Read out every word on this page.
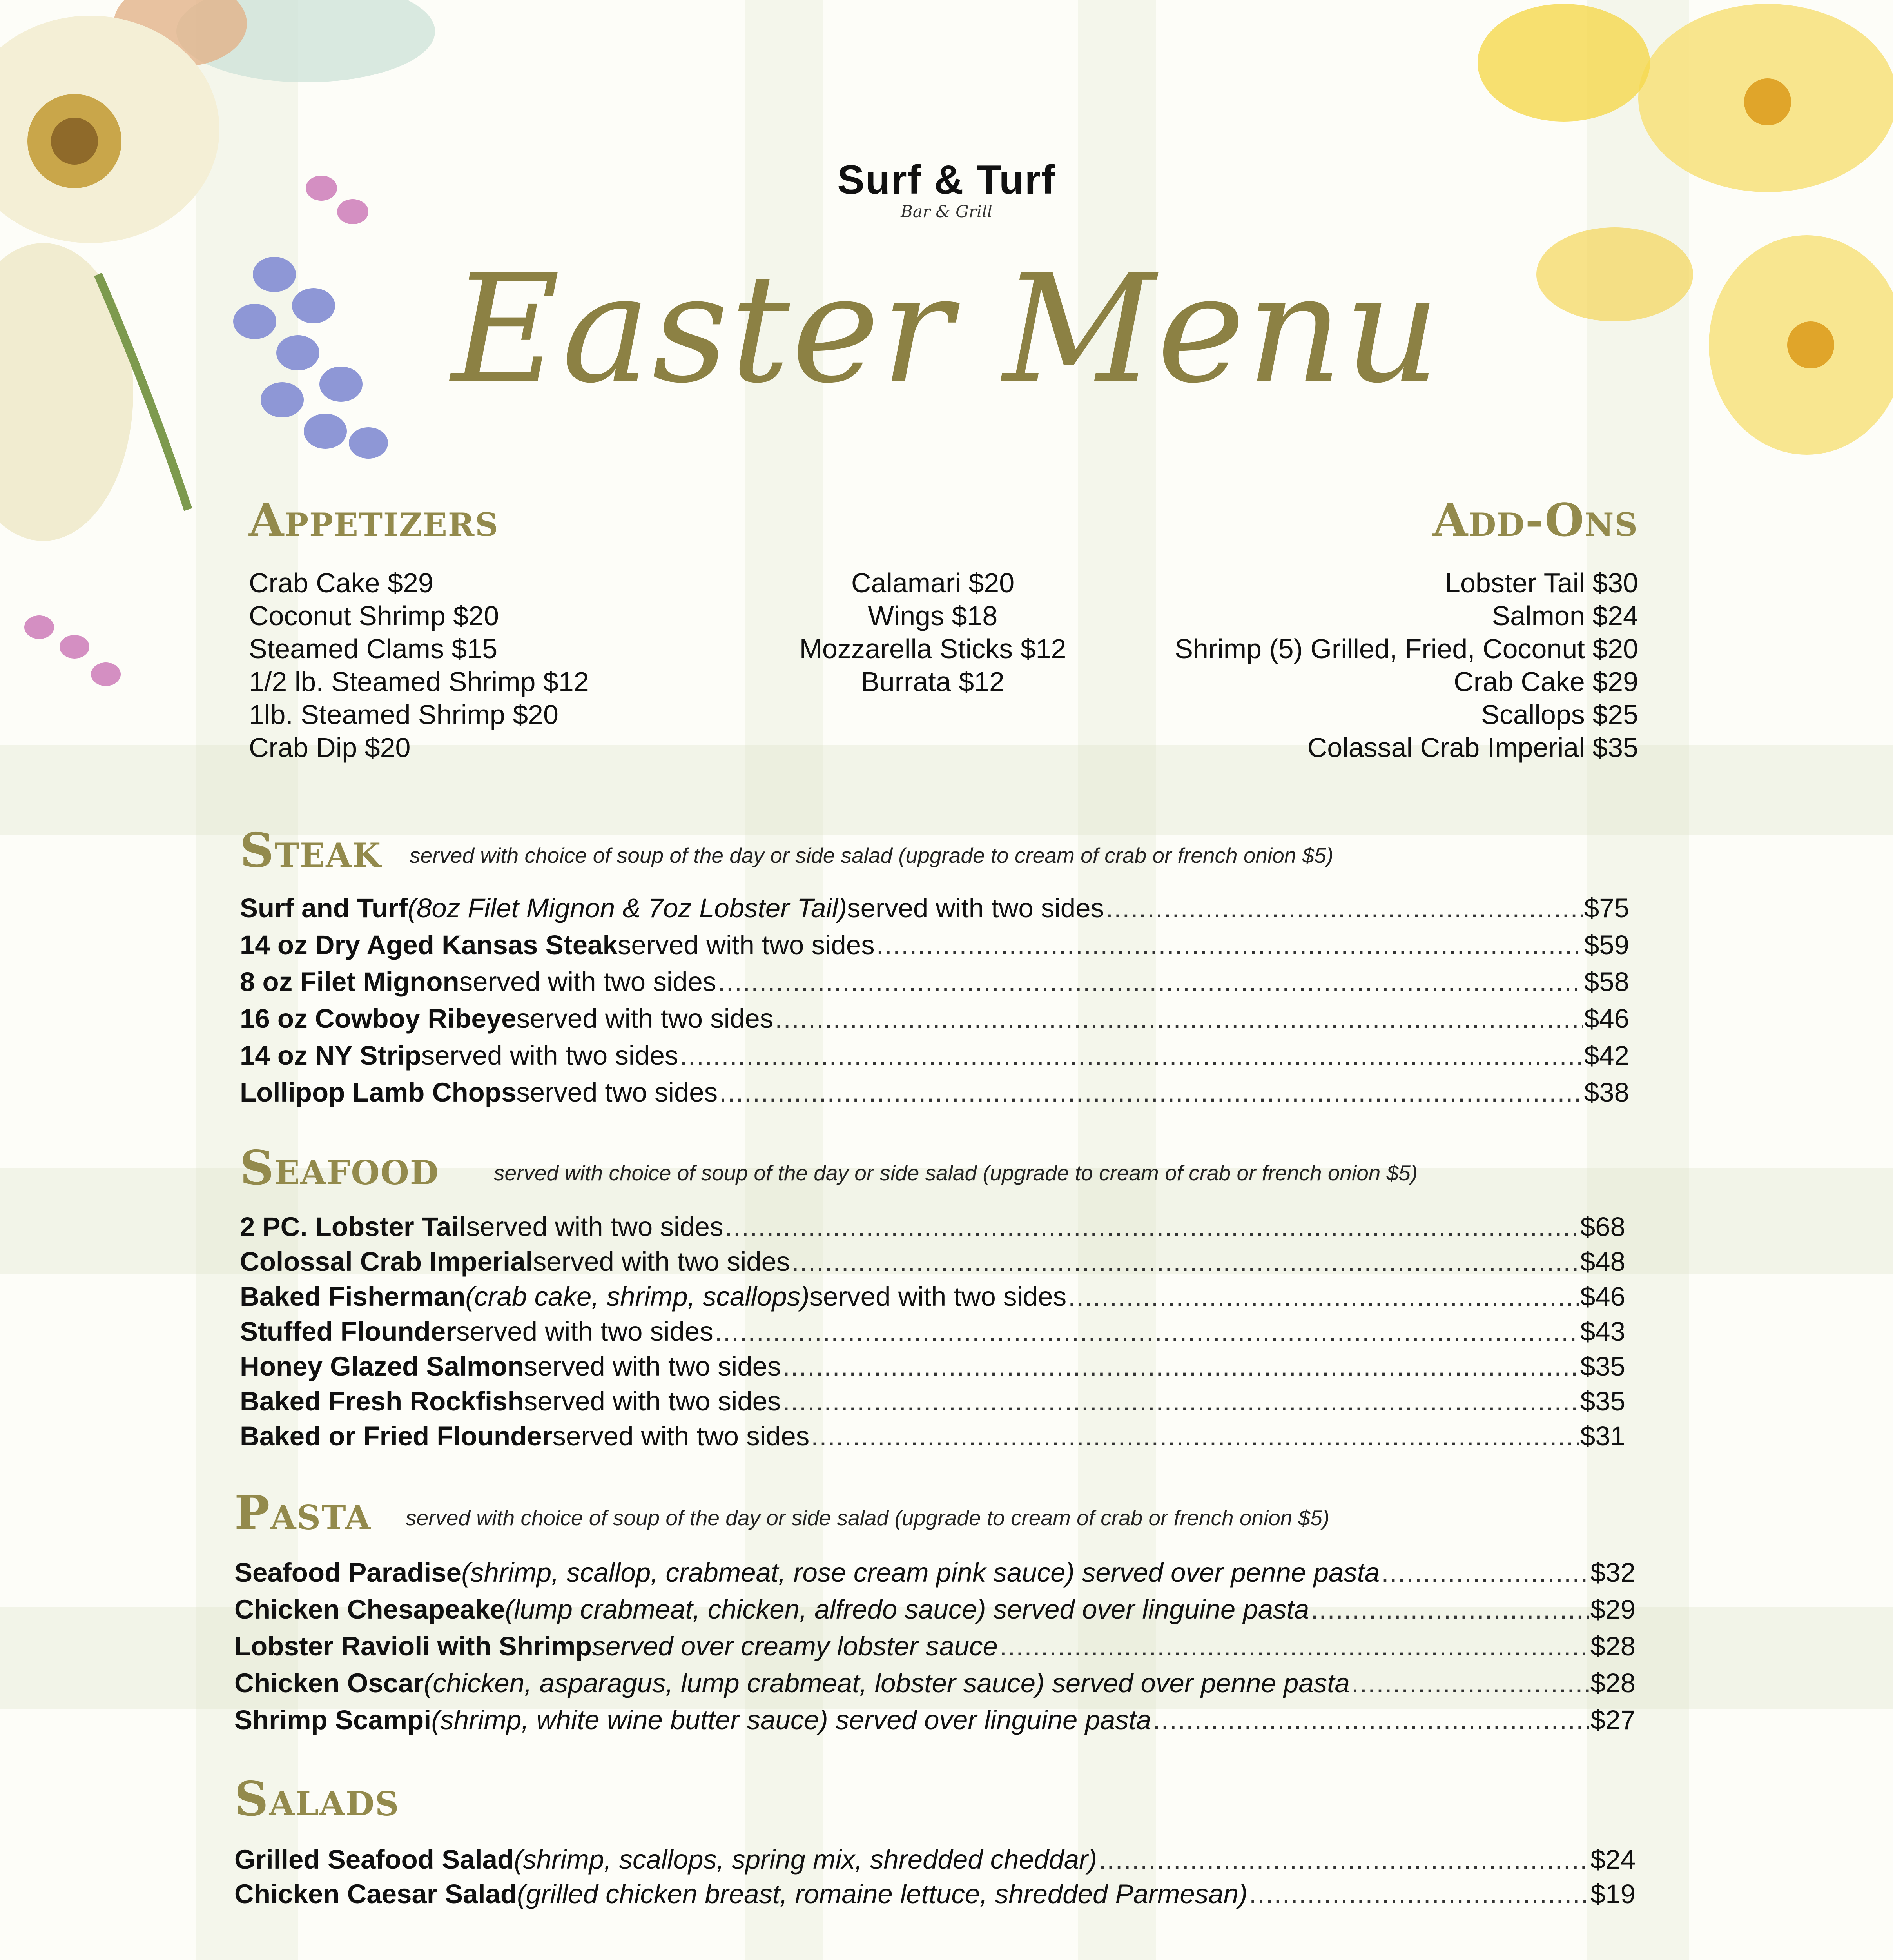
Surf & Turf
Bar & Grill
Easter Menu
Appetizers
Crab Cake $29
Coconut Shrimp $20
Steamed Clams $15
1/2 lb. Steamed Shrimp $12
1lb. Steamed Shrimp $20
Crab Dip $20
Calamari $20
Wings $18
Mozzarella Sticks $12
Burrata $12
Add-Ons
Lobster Tail $30
Salmon $24
Shrimp (5) Grilled, Fried, Coconut $20
Crab Cake $29
Scallops $25
Colassal Crab Imperial $35
Steak served with choice of soup of the day or side salad (upgrade to cream of crab or french onion $5)
Surf and Turf (8oz Filet Mignon & 7oz Lobster Tail) served with two sides .....	$75
14 oz Dry Aged Kansas Steak served with two sides .....	$59
8 oz Filet Mignon served with two sides .....	$58
16 oz Cowboy Ribeye served with two sides .....	$46
14 oz NY Strip served with two sides .....	$42
Lollipop Lamb Chops served two sides .....	$38
Seafood	served with choice of soup of the day or side salad (upgrade to cream of crab or french onion $5)
2 PC. Lobster Tail served with two sides .....	$68
Colossal Crab Imperial served with two sides .....	$48
Baked Fisherman (crab cake, shrimp, scallops) served with two sides .....	$46
Stuffed Flounder served with two sides .....	$43
Honey Glazed Salmon served with two sides .....	$35
Baked Fresh Rockfish served with two sides .....	$35
Baked or Fried Flounder served with two sides .....	$31
Pasta served with choice of soup of the day or side salad (upgrade to cream of crab or french onion $5)
Seafood Paradise (shrimp, scallop, crabmeat, rose cream pink sauce) served over penne pasta .....	$32
Chicken Chesapeake (lump crabmeat, chicken, alfredo sauce) served over linguine pasta .....	$29
Lobster Ravioli with Shrimp served over creamy lobster sauce .....	$28
Chicken Oscar (chicken, asparagus, lump crabmeat, lobster sauce) served over penne pasta .....	$28
Shrimp Scampi (shrimp, white wine butter sauce) served over linguine pasta .....	$27
Salads
Grilled Seafood Salad (shrimp, scallops, spring mix, shredded cheddar) .....	$24
Chicken Caesar Salad (grilled chicken breast, romaine lettuce, shredded Parmesan) .....	$19
